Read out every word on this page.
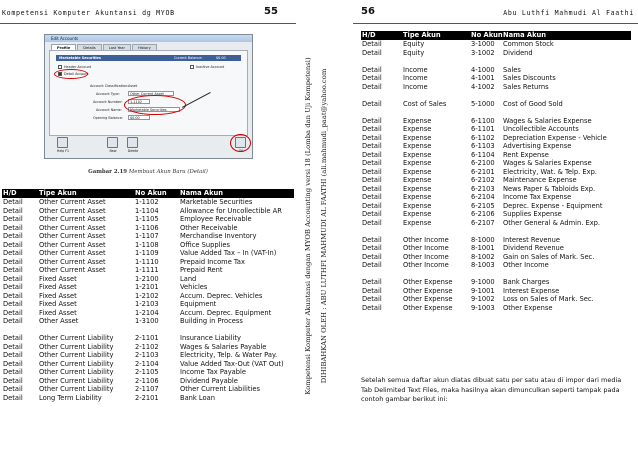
Kompetensi Komputer Akuntansi dg MYOB	55
Edit Accounts
Profile	Details	Last Year	History
Marketable Securities	Current Balance:	$0.00
Header Account
Detail Account
Inactive Account
Account Classification: Asset
Account Type:	Other Current Asset
Account Number: 1-1102
Account Name: Marketable Securities
Opening Balance: $0.00
Help F1	New	Delete	OK
Gambar 2.19 Membuat Akun Baru (Detail)
H/D	Tipe Akun	No Akun	Nama Akun
Detail	Other Current Asset	1-1102	Marketable Securities
Detail	Other Current Asset	1-1104	Allowance for Uncollectible AR
Detail	Other Current Asset	1-1105	Employee Receivable
Detail	Other Current Asset	1-1106	Other Receivable
Detail	Other Current Asset	1-1107	Merchandise Inventory
Detail	Other Current Asset	1-1108	Office Supplies
Detail	Other Current Asset	1-1109	Value Added Tax – In (VAT-In)
Detail	Other Current Asset	1-1110	Prepaid Income Tax
Detail	Other Current Asset	1-1111	Prepaid Rent
Detail	Fixed Asset	1-2100	Land
Detail	Fixed Asset	1-2101	Vehicles
Detail	Fixed Asset	1-2102	Accum. Deprec. Vehicles
Detail	Fixed Asset	1-2103	Equipment
Detail	Fixed Asset	1-2104	Accum. Deprec. Equipment
Detail	Other Asset	1-3100	Building in Process

Detail	Other Current Liability	2-1101	Insurance Liability
Detail	Other Current Liability	2-1102	Wages & Salaries Payable
Detail	Other Current Liability	2-1103	Electricity, Telp. & Water Pay.
Detail	Other Current Liability	2-1104	Value Added Tax-Out (VAT Out)
Detail	Other Current Liability	2-1105	Income Tax Payable
Detail	Other Current Liability	2-1106	Dividend Payable
Detail	Other Current Liability	2-1107	Other Current Liabilities
Detail	Long Term Liability	2-2101	Bank Loan
Kompetensi Komputer Akuntansi dengan MYOB Accounting versi 18 (Lomba dan Uji Kompetensi) DIHIBAHKAN OLEH : ABU LUTHFI MAHMUDI AL FAATHI (ali.mahmudi_paat@yahoo.com
56	Abu Luthfi Mahmudi Al Faathi
H/D	Tipe Akun	No Akun	Nama Akun
Detail	Equity	3-1000	Common Stock
Detail	Equity	3-1002	Dividend

Detail	Income	4-1000	Sales
Detail	Income	4-1001	Sales Discounts
Detail	Income	4-1002	Sales Returns

Detail	Cost of Sales	5-1000	Cost of Good Sold

Detail	Expense	6-1100	Wages & Salaries Expense
Detail	Expense	6-1101	Uncollectible Accounts
Detail	Expense	6-1102	Depreciation Expense - Vehicle
Detail	Expense	6-1103	Advertising Expense
Detail	Expense	6-1104	Rent Expense
Detail	Expense	6-2100	Wages & Salaries Expense
Detail	Expense	6-2101	Electricity, Wat. & Telp. Exp.
Detail	Expense	6-2102	Maintenance Expense
Detail	Expense	6-2103	News Paper & Tabloids Exp.
Detail	Expense	6-2104	Income Tax Expense
Detail	Expense	6-2105	Deprec. Expense - Equipment
Detail	Expense	6-2106	Supplies Expense
Detail	Expense	6-2107	Other General & Admin. Exp.

Detail	Other Income	8-1000	Interest Revenue
Detail	Other Income	8-1001	Dividend Revenue
Detail	Other Income	8-1002	Gain on Sales of Mark. Sec.
Detail	Other Income	8-1003	Other Income

Detail	Other Expense	9-1000	Bank Charges
Detail	Other Expense	9-1001	Interest Expense
Detail	Other Expense	9-1002	Loss on Sales of Mark. Sec.
Detail	Other Expense	9-1003	Other Expense
Setelah semua daftar akun diatas dibuat satu per satu atau di impor dari media Tab Delimited Text Files, maka hasilnya akan dimunculkan seperti tampak pada contoh gambar berikut ini:
